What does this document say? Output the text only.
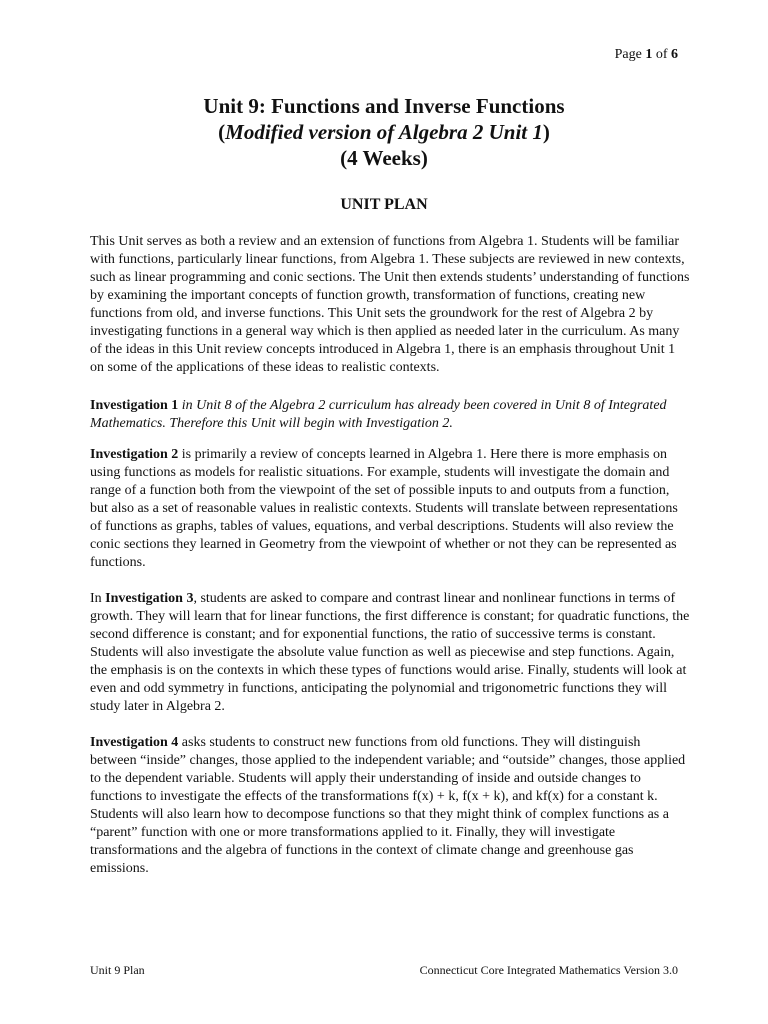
Page 1 of 6
Unit 9: Functions and Inverse Functions
(Modified version of Algebra 2 Unit 1)
(4 Weeks)
UNIT PLAN

This Unit serves as both a review and an extension of functions from Algebra 1. Students will be familiar with functions, particularly linear functions, from Algebra 1. These subjects are reviewed in new contexts, such as linear programming and conic sections. The Unit then extends students’ understanding of functions by examining the important concepts of function growth, transformation of functions, creating new functions from old, and inverse functions. This Unit sets the groundwork for the rest of Algebra 2 by investigating functions in a general way which is then applied as needed later in the curriculum. As many of the ideas in this Unit review concepts introduced in Algebra 1, there is an emphasis throughout Unit 1 on some of the applications of these ideas to realistic contexts.

Investigation 1 in Unit 8 of the Algebra 2 curriculum has already been covered in Unit 8 of Integrated Mathematics. Therefore this Unit will begin with Investigation 2.

Investigation 2 is primarily a review of concepts learned in Algebra 1. Here there is more emphasis on using functions as models for realistic situations. For example, students will investigate the domain and range of a function both from the viewpoint of the set of possible inputs to and outputs from a function, but also as a set of reasonable values in realistic contexts. Students will translate between representations of functions as graphs, tables of values, equations, and verbal descriptions. Students will also review the conic sections they learned in Geometry from the viewpoint of whether or not they can be represented as functions.

In Investigation 3, students are asked to compare and contrast linear and nonlinear functions in terms of growth. They will learn that for linear functions, the first difference is constant; for quadratic functions, the second difference is constant; and for exponential functions, the ratio of successive terms is constant. Students will also investigate the absolute value function as well as piecewise and step functions. Again, the emphasis is on the contexts in which these types of functions would arise. Finally, students will look at even and odd symmetry in functions, anticipating the polynomial and trigonometric functions they will study later in Algebra 2.

Investigation 4 asks students to construct new functions from old functions. They will distinguish between “inside” changes, those applied to the independent variable; and “outside” changes, those applied to the dependent variable. Students will apply their understanding of inside and outside changes to functions to investigate the effects of the transformations f(x) + k, f(x + k), and kf(x) for a constant k. Students will also learn how to decompose functions so that they might think of complex functions as a “parent” function with one or more transformations applied to it. Finally, they will investigate transformations and the algebra of functions in the context of climate change and greenhouse gas emissions.

Unit 9 Plan	Connecticut Core Integrated Mathematics Version 3.0
